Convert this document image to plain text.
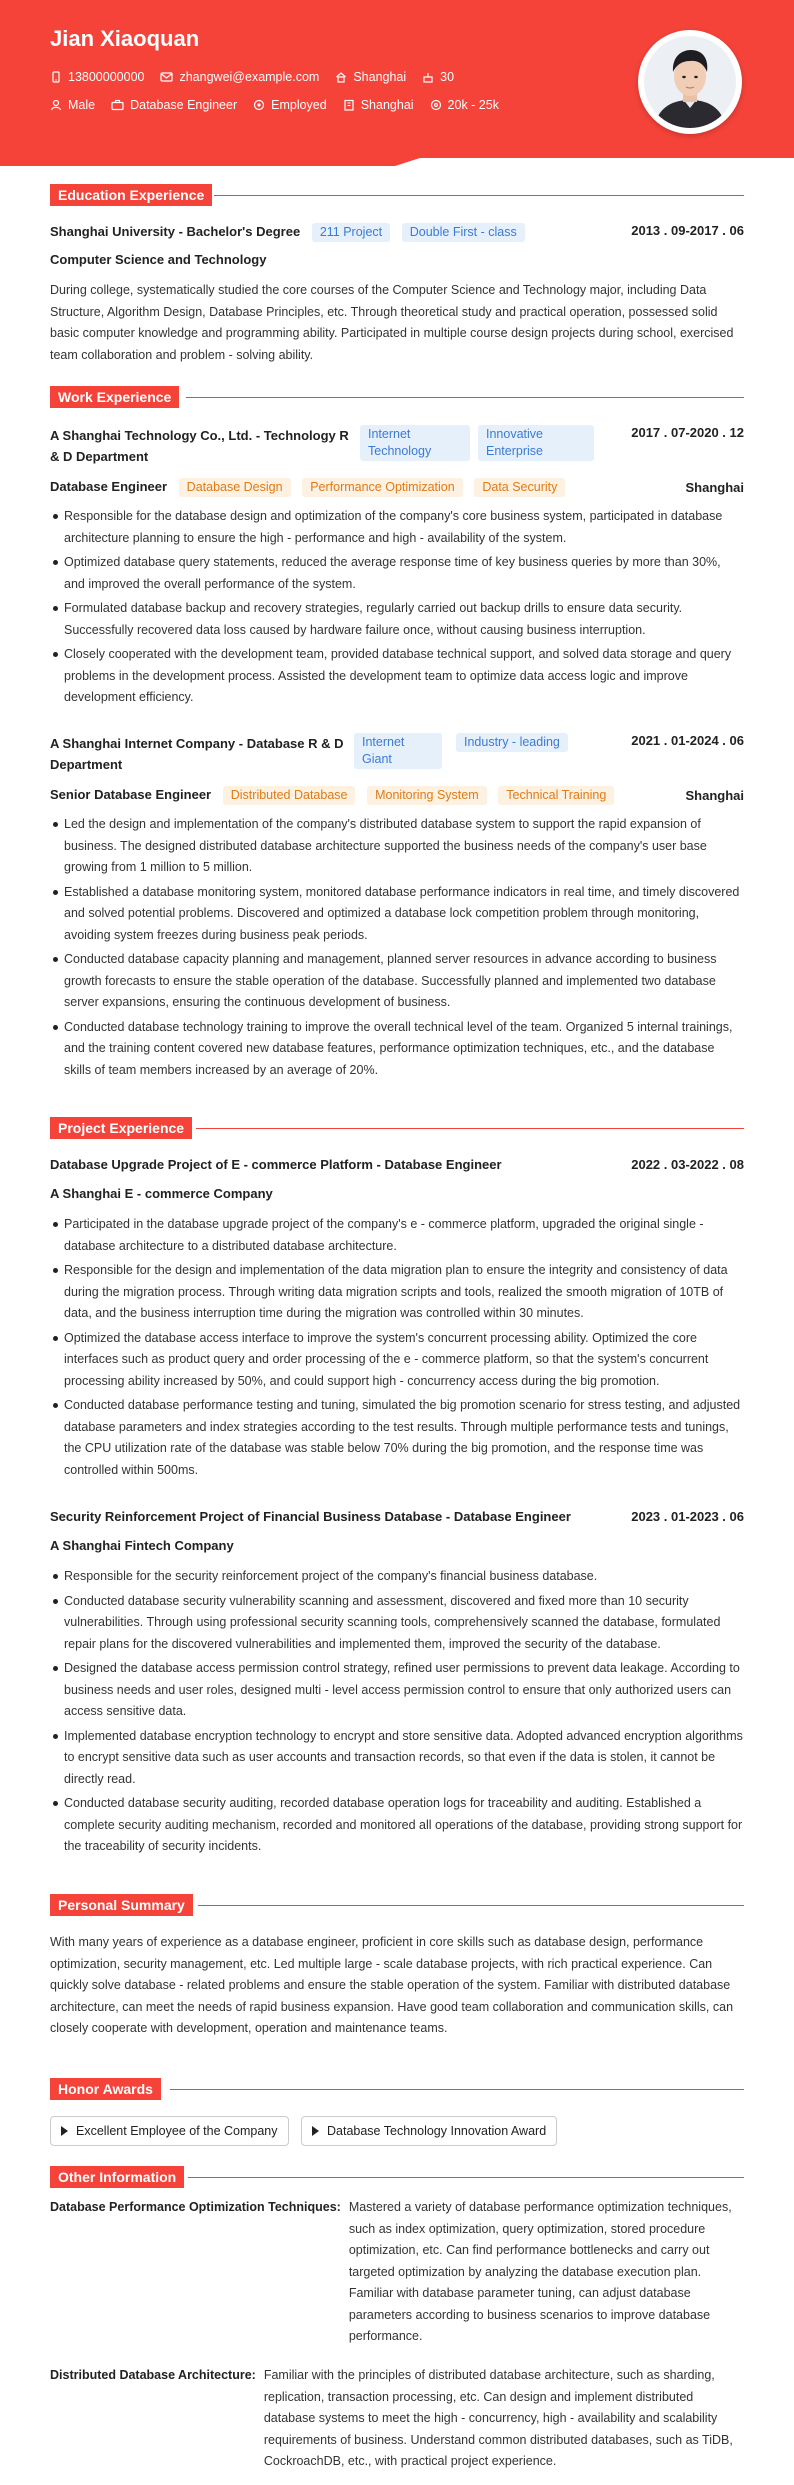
Jian Xiaoquan
13800000000	zhangwei@example.com	Shanghai	30
Male	Database Engineer	Employed	Shanghai	20k - 25k
Education Experience
Shanghai University - Bachelor's Degree 211 Project Double First - class	2013 . 09-2017 . 06
Computer Science and Technology
During college, systematically studied the core courses of the Computer Science and Technology major, including Data Structure, Algorithm Design, Database Principles, etc. Through theoretical study and practical operation, possessed solid basic computer knowledge and programming ability. Participated in multiple course design projects during school, exercised team collaboration and problem - solving ability.
Work Experience
A Shanghai Technology Co., Ltd. - Technology R & D Department
Internet Technology
Innovative Enterprise
2017 . 07-2020 . 12
Database Engineer Database Design Performance Optimization Data Security	Shanghai
Responsible for the database design and optimization of the company's core business system, participated in database architecture planning to ensure the high - performance and high - availability of the system.
Optimized database query statements, reduced the average response time of key business queries by more than 30%, and improved the overall performance of the system.
Formulated database backup and recovery strategies, regularly carried out backup drills to ensure data security. Successfully recovered data loss caused by hardware failure once, without causing business interruption.
Closely cooperated with the development team, provided database technical support, and solved data storage and query problems in the development process. Assisted the development team to optimize data access logic and improve development efficiency.
A Shanghai Internet Company - Database R & D Department
Internet Giant
Industry - leading	2021 . 01-2024 . 06
Senior Database Engineer Distributed Database Monitoring System Technical Training	Shanghai
Led the design and implementation of the company's distributed database system to support the rapid expansion of business. The designed distributed database architecture supported the business needs of the company's user base growing from 1 million to 5 million.
Established a database monitoring system, monitored database performance indicators in real time, and timely discovered and solved potential problems. Discovered and optimized a database lock competition problem through monitoring, avoiding system freezes during business peak periods.
Conducted database capacity planning and management, planned server resources in advance according to business growth forecasts to ensure the stable operation of the database. Successfully planned and implemented two database server expansions, ensuring the continuous development of business.
Conducted database technology training to improve the overall technical level of the team. Organized 5 internal trainings, and the training content covered new database features, performance optimization techniques, etc., and the database skills of team members increased by an average of 20%.
Project Experience
Database Upgrade Project of E - commerce Platform - Database Engineer	2022 . 03-2022 . 08
A Shanghai E - commerce Company
Participated in the database upgrade project of the company's e - commerce platform, upgraded the original single - database architecture to a distributed database architecture.
Responsible for the design and implementation of the data migration plan to ensure the integrity and consistency of data during the migration process. Through writing data migration scripts and tools, realized the smooth migration of 10TB of data, and the business interruption time during the migration was controlled within 30 minutes.
Optimized the database access interface to improve the system's concurrent processing ability. Optimized the core interfaces such as product query and order processing of the e - commerce platform, so that the system's concurrent processing ability increased by 50%, and could support high - concurrency access during the big promotion.
Conducted database performance testing and tuning, simulated the big promotion scenario for stress testing, and adjusted database parameters and index strategies according to the test results. Through multiple performance tests and tunings, the CPU utilization rate of the database was stable below 70% during the big promotion, and the response time was controlled within 500ms.
Security Reinforcement Project of Financial Business Database - Database Engineer	2023 . 01-2023 . 06
A Shanghai Fintech Company
Responsible for the security reinforcement project of the company's financial business database.
Conducted database security vulnerability scanning and assessment, discovered and fixed more than 10 security vulnerabilities. Through using professional security scanning tools, comprehensively scanned the database, formulated repair plans for the discovered vulnerabilities and implemented them, improved the security of the database.
Designed the database access permission control strategy, refined user permissions to prevent data leakage. According to business needs and user roles, designed multi - level access permission control to ensure that only authorized users can access sensitive data.
Implemented database encryption technology to encrypt and store sensitive data. Adopted advanced encryption algorithms to encrypt sensitive data such as user accounts and transaction records, so that even if the data is stolen, it cannot be directly read.
Conducted database security auditing, recorded database operation logs for traceability and auditing. Established a complete security auditing mechanism, recorded and monitored all operations of the database, providing strong support for the traceability of security incidents.
Personal Summary
With many years of experience as a database engineer, proficient in core skills such as database design, performance optimization, security management, etc. Led multiple large - scale database projects, with rich practical experience. Can quickly solve database - related problems and ensure the stable operation of the system. Familiar with distributed database architecture, can meet the needs of rapid business expansion. Have good team collaboration and communication skills, can closely cooperate with development, operation and maintenance teams.
Honor Awards
Excellent Employee of the Company	Database Technology Innovation Award
Other Information
Database Performance Optimization Techniques: Mastered a variety of database performance optimization techniques, such as index optimization, query optimization, stored procedure optimization, etc. Can find performance bottlenecks and carry out targeted optimization by analyzing the database execution plan. Familiar with database parameter tuning, can adjust database parameters according to business scenarios to improve database performance.
Distributed Database Architecture: Familiar with the principles of distributed database architecture, such as sharding, replication, transaction processing, etc. Can design and implement distributed database systems to meet the high - concurrency, high - availability and scalability requirements of business. Understand common distributed databases, such as TiDB, CockroachDB, etc., with practical project experience.
